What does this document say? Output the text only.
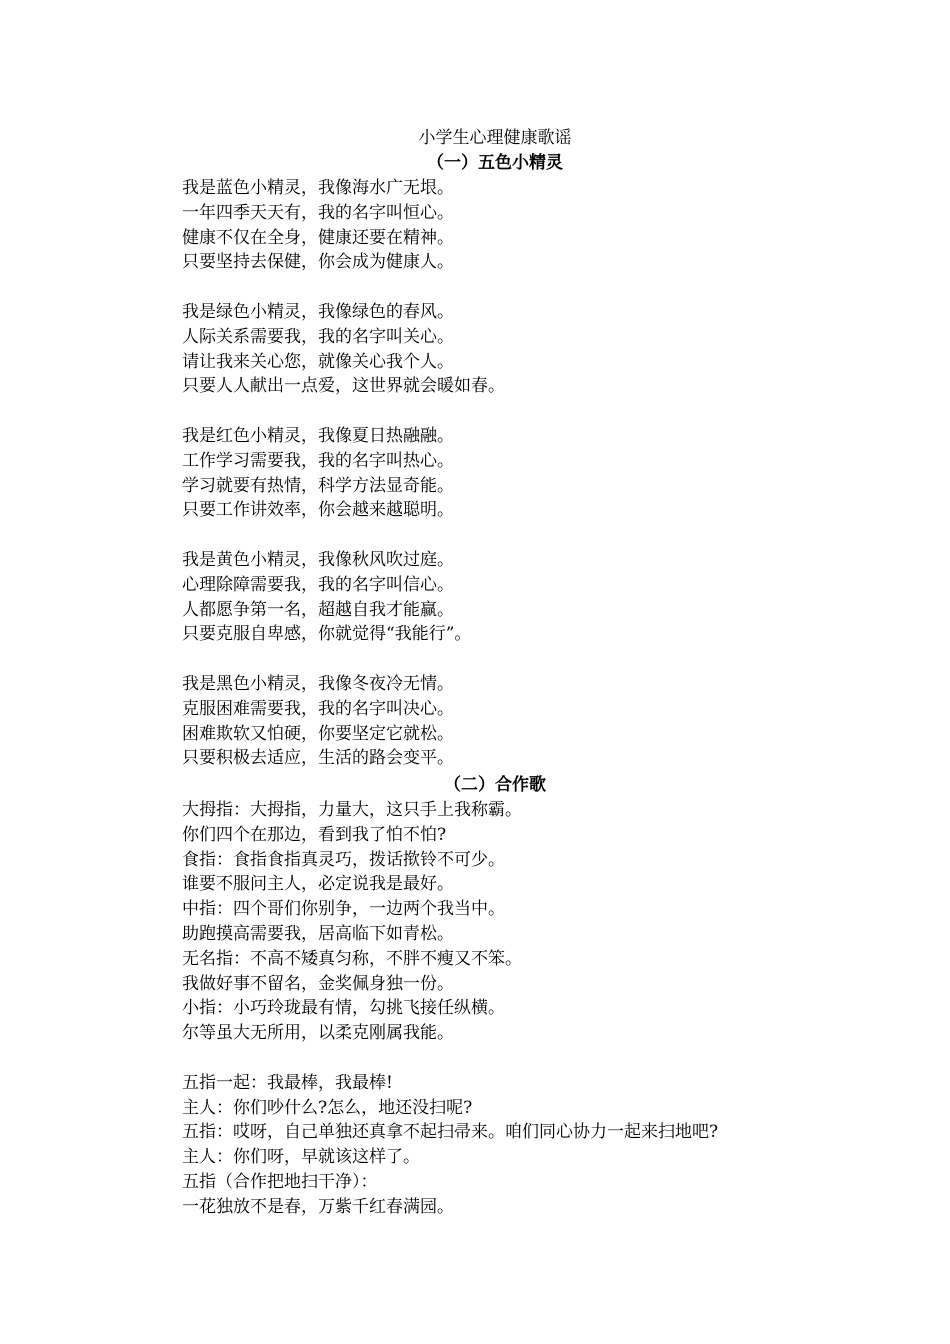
小学生心理健康歌谣
（一）五色小精灵
我是蓝色小精灵，我像海水广无垠。
一年四季天天有，我的名字叫恒心。
健康不仅在全身，健康还要在精神。
只要坚持去保健，你会成为健康人。
我是绿色小精灵，我像绿色的春风。
人际关系需要我，我的名字叫关心。
请让我来关心您，就像关心我个人。
只要人人献出一点爱，这世界就会暖如春。
我是红色小精灵，我像夏日热融融。
工作学习需要我，我的名字叫热心。
学习就要有热情，科学方法显奇能。
只要工作讲效率，你会越来越聪明。
我是黄色小精灵，我像秋风吹过庭。
心理除障需要我，我的名字叫信心。
人都愿争第一名，超越自我才能赢。
只要克服自卑感，你就觉得“我能行”。
我是黑色小精灵，我像冬夜冷无情。
克服困难需要我，我的名字叫决心。
困难欺软又怕硬，你要坚定它就松。
只要积极去适应，生活的路会变平。
（二）合作歌
大拇指：大拇指，力量大，这只手上我称霸。
你们四个在那边，看到我了怕不怕?
食指：食指食指真灵巧，拨话揿铃不可少。
谁要不服问主人，必定说我是最好。
中指：四个哥们你别争，一边两个我当中。
助跑摸高需要我，居高临下如青松。
无名指：不高不矮真匀称，不胖不瘦又不笨。
我做好事不留名，金奖佩身独一份。
小指：小巧玲珑最有情，勾挑飞接任纵横。
尔等虽大无所用，以柔克刚属我能。
五指一起：我最棒，我最棒!
主人：你们吵什么?怎么，地还没扫呢?
五指：哎呀，自己单独还真拿不起扫帚来。咱们同心协力一起来扫地吧?
主人：你们呀，早就该这样了。
五指（合作把地扫干净）：
一花独放不是春，万紫千红春满园。
